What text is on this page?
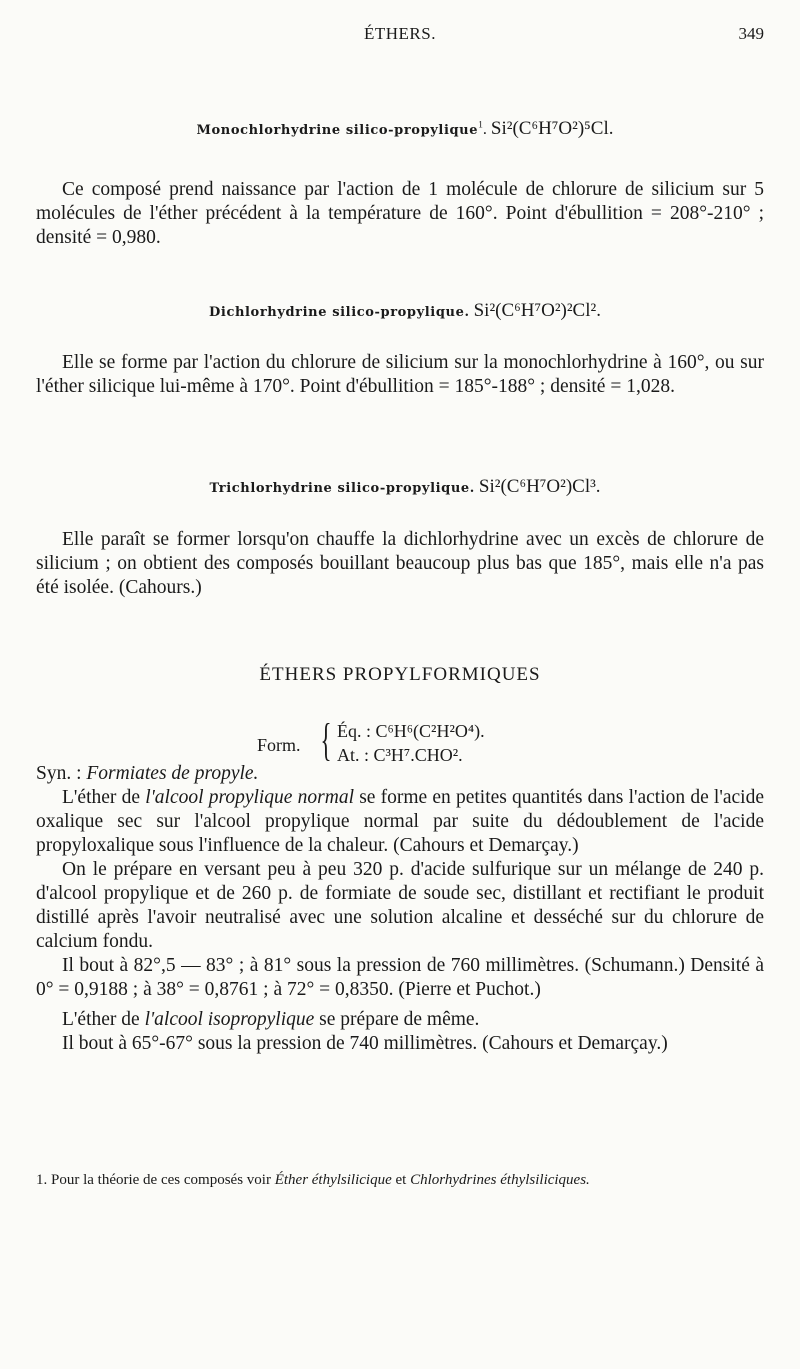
ÉTHERS.	349
Monochlorhydrine silico-propylique$^1$. Si²(C⁶H⁷O²)⁵Cl.

Ce composé prend naissance par l'action de 1 molécule de chlorure de silicium sur 5 molécules de l'éther précédent à la température de 160°. Point d'ébullition = 208°-210° ; densité = 0,980.

Dichlorhydrine silico-propylique. Si²(C⁶H⁷O²)²Cl².

Elle se forme par l'action du chlorure de silicium sur la monochlorhydrine à 160°, ou sur l'éther silicique lui-même à 170°. Point d'ébullition = 185°-188° ; densité = 1,028.

Trichlorhydrine silico-propylique. Si²(C⁶H⁷O²)Cl³.

Elle paraît se former lorsqu'on chauffe la dichlorhydrine avec un excès de chlorure de silicium ; on obtient des composés bouillant beaucoup plus bas que 185°, mais elle n'a pas été isolée. (Cahours.)

ÉTHERS PROPYLFORMIQUES
Form. { Éq. : C⁶H⁶(C²H²O⁴).
At. : C³H⁷.CHO².

Syn. : Formiates de propyle.

L'éther de l'alcool propylique normal se forme en petites quantités dans l'action de l'acide oxalique sec sur l'alcool propylique normal par suite du dédoublement de l'acide propyloxalique sous l'influence de la chaleur. (Cahours et Demarçay.)

On le prépare en versant peu à peu 320 p. d'acide sulfurique sur un mélange de 240 p. d'alcool propylique et de 260 p. de formiate de soude sec, distillant et rectifiant le produit distillé après l'avoir neutralisé avec une solution alcaline et desséché sur du chlorure de calcium fondu.

Il bout à 82°,5 — 83° ; à 81° sous la pression de 760 millimètres. (Schumann.) Densité à 0° = 0,9188 ; à 38° = 0,8761 ; à 72° = 0,8350. (Pierre et Puchot.)

L'éther de l'alcool isopropylique se prépare de même.

Il bout à 65°-67° sous la pression de 740 millimètres. (Cahours et Demarçay.)

1. Pour la théorie de ces composés voir Éther éthylsilicique et Chlorhydrines éthylsiliciques.
